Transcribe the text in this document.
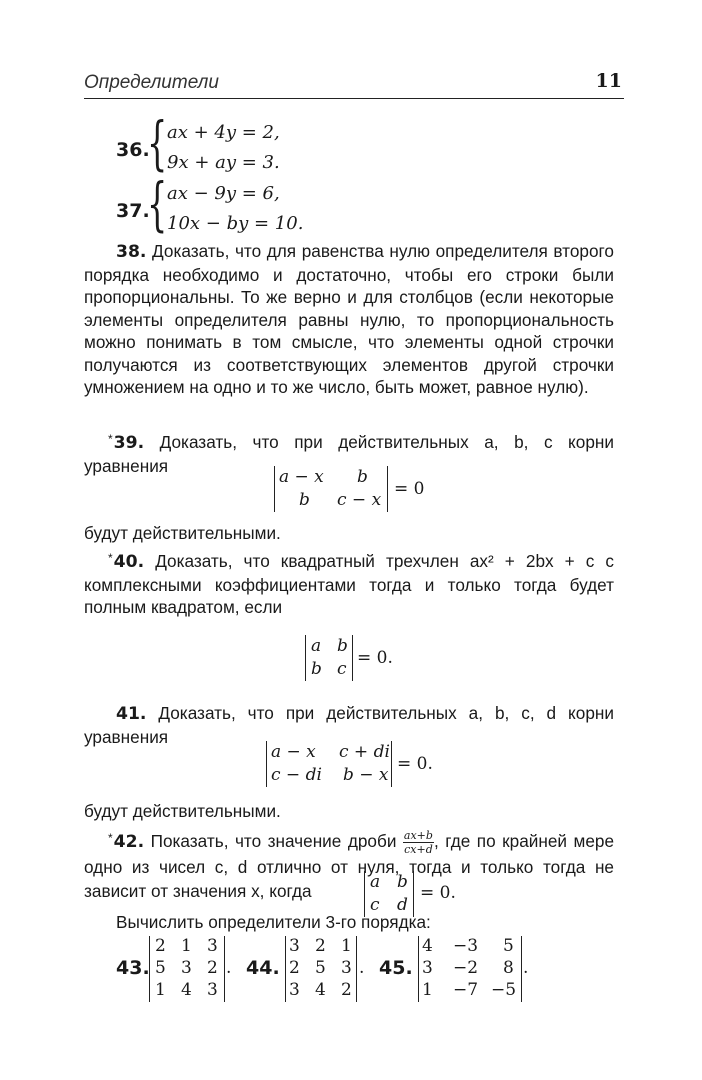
Определители	11
36.
{ ax + 4y = 2,
9x + ay = 3.
37.
{ ax − 9y = 6,
10x − by = 10.

38. Доказать, что для равенства нулю определителя второго порядка необходимо и достаточно, чтобы его строки были пропорциональны. То же верно и для столбцов (если некоторые элементы определителя равны нулю, то пропорциональность можно понимать в том смысле, что элементы одной строчки получаются из соответствующих элементов другой строчки умножением на одно и то же число, быть может, равное нулю).

*39. Доказать, что при действительных a, b, c корни уравнения

a − x b
b c − x
= 0

будут действительными.

*40. Доказать, что квадратный трехчлен ax² + 2bx + c с комплексными коэффициентами тогда и только тогда будет полным квадратом, если

a b
b c
= 0.

41. Доказать, что при действительных a, b, c, d корни уравнения

a − x c + di
c − di b − x
= 0.

будут действительными.

*42. Показать, что значение дроби $\frac{ax+b}{cx+d}$ , где по крайней мере одно из чисел c, d отлично от нуля, тогда и только тогда не зависит от значения x, когда	a b
c d
= 0.

Вычислить определители 3-го порядка:

43.
2 1 3
5 3 2
1 4 3
. 44.
3 2 1
2 5 3
3 4 2
. 45.
4 −3 5
3 −2 8
1 −7 −5
.
